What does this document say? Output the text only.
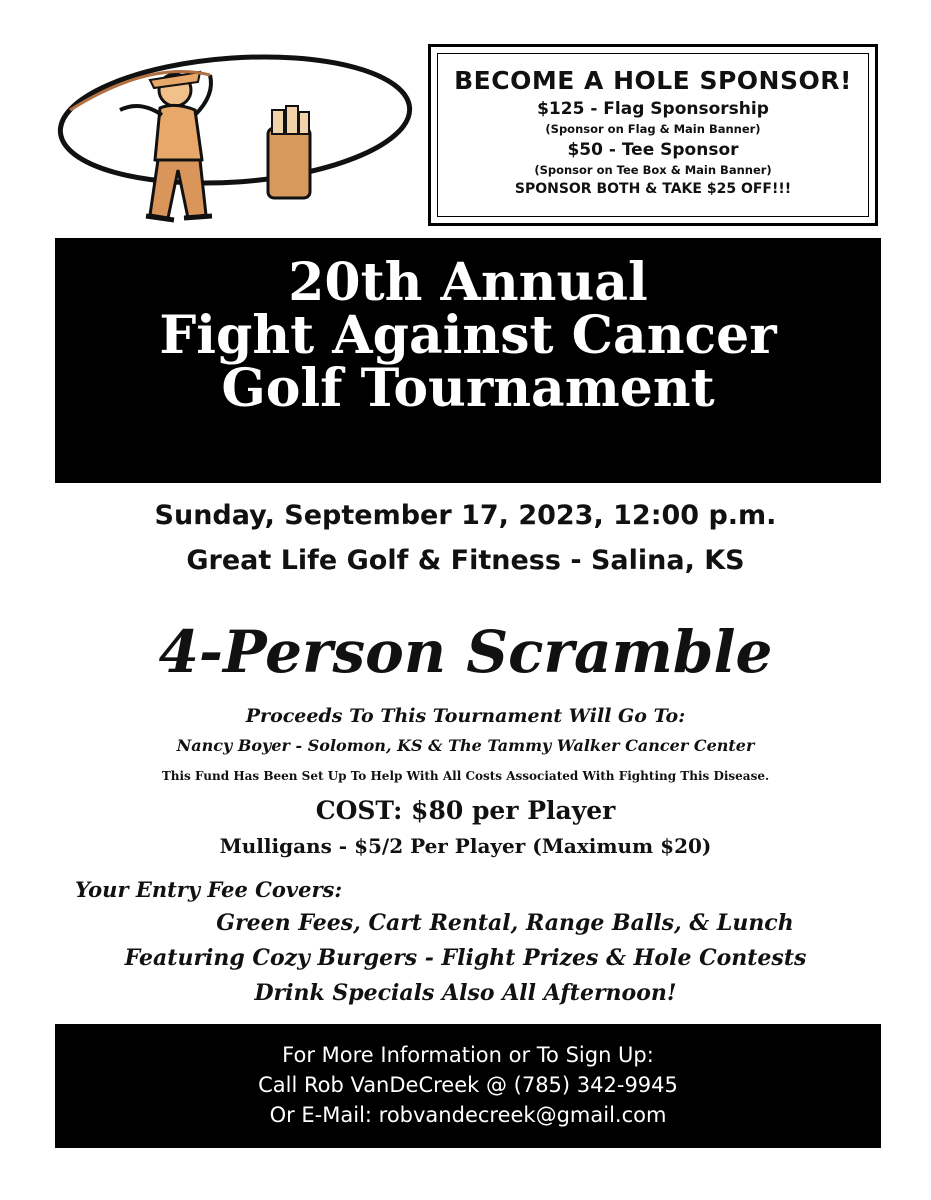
BECOME A HOLE SPONSOR!
$125 - Flag Sponsorship
(Sponsor on Flag & Main Banner)
$50 - Tee Sponsor
(Sponsor on Tee Box & Main Banner)
SPONSOR BOTH & TAKE $25 OFF!!!
20th Annual
Fight Against Cancer
Golf Tournament
Sunday, September 17, 2023, 12:00 p.m.
Great Life Golf & Fitness - Salina, KS
4-Person Scramble
Proceeds To This Tournament Will Go To:
Nancy Boyer - Solomon, KS & The Tammy Walker Cancer Center
This Fund Has Been Set Up To Help With All Costs Associated With Fighting This Disease.
COST: $80 per Player
Mulligans - $5/2 Per Player (Maximum $20)
Your Entry Fee Covers:
Green Fees, Cart Rental, Range Balls, & Lunch
Featuring Cozy Burgers - Flight Prizes & Hole Contests
Drink Specials Also All Afternoon!
For More Information or To Sign Up:
Call Rob VanDeCreek @ (785) 342-9945
Or E-Mail: robvandecreek@gmail.com
